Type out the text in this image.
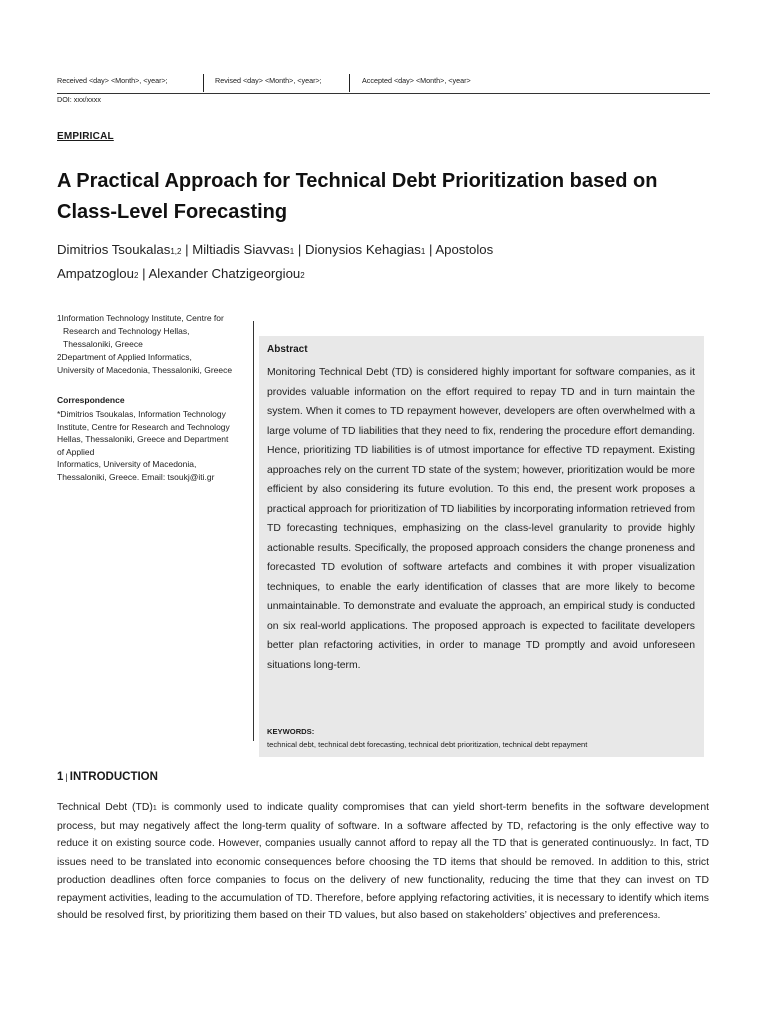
Received <day> <Month>, <year>;	Revised <day> <Month>, <year>;	Accepted <day> <Month>, <year>
DOI: xxx/xxxx
EMPIRICAL
A Practical Approach for Technical Debt Prioritization based on Class-Level Forecasting
Dimitrios Tsoukalas1,2 | Miltiadis Siavvas1 | Dionysios Kehagias1 | Apostolos Ampatzoglou2 | Alexander Chatzigeorgiou2
1Information Technology Institute, Centre for
Research and Technology Hellas,
Thessaloniki, Greece
2Department of Applied Informatics,
University of Macedonia, Thessaloniki, Greece
Correspondence
*Dimitrios Tsoukalas, Information Technology
Institute, Centre for Research and Technology
Hellas, Thessaloniki, Greece and Department
of Applied
Informatics, University of Macedonia,
Thessaloniki, Greece. Email: tsoukj@iti.gr
Abstract
Monitoring Technical Debt (TD) is considered highly important for software companies, as it provides valuable information on the effort required to repay TD and in turn maintain the system. When it comes to TD repayment however, developers are often overwhelmed with a large volume of TD liabilities that they need to fix, rendering the procedure effort demanding. Hence, prioritizing TD liabilities is of utmost importance for effective TD repayment. Existing approaches rely on the current TD state of the system; however, prioritization would be more efficient by also considering its future evolution. To this end, the present work proposes a practical approach for prioritization of TD liabilities by incorporating information retrieved from TD forecasting techniques, emphasizing on the class-level granularity to provide highly actionable results. Specifically, the proposed approach considers the change proneness and forecasted TD evolution of software artefacts and combines it with proper visualization techniques, to enable the early identification of classes that are more likely to become unmaintainable. To demonstrate and evaluate the approach, an empirical study is conducted on six real-world applications. The proposed approach is expected to facilitate developers better plan refactoring activities, in order to manage TD promptly and avoid unforeseen situations long-term.
KEYWORDS:
technical debt, technical debt forecasting, technical debt prioritization, technical debt repayment
1 | INTRODUCTION
Technical Debt (TD)1 is commonly used to indicate quality compromises that can yield short-term benefits in the software development process, but may negatively affect the long-term quality of software. In a software affected by TD, refactoring is the only effective way to reduce it on existing source code. However, companies usually cannot afford to repay all the TD that is generated continuously2. In fact, TD issues need to be translated into economic consequences before choosing the TD items that should be removed. In addition to this, strict production deadlines often force companies to focus on the delivery of new functionality, reducing the time that they can invest on TD repayment activities, leading to the accumulation of TD. Therefore, before applying refactoring activities, it is necessary to identify which items should be resolved first, by prioritizing them based on their TD values, but also based on stakeholders’ objectives and preferences3.
